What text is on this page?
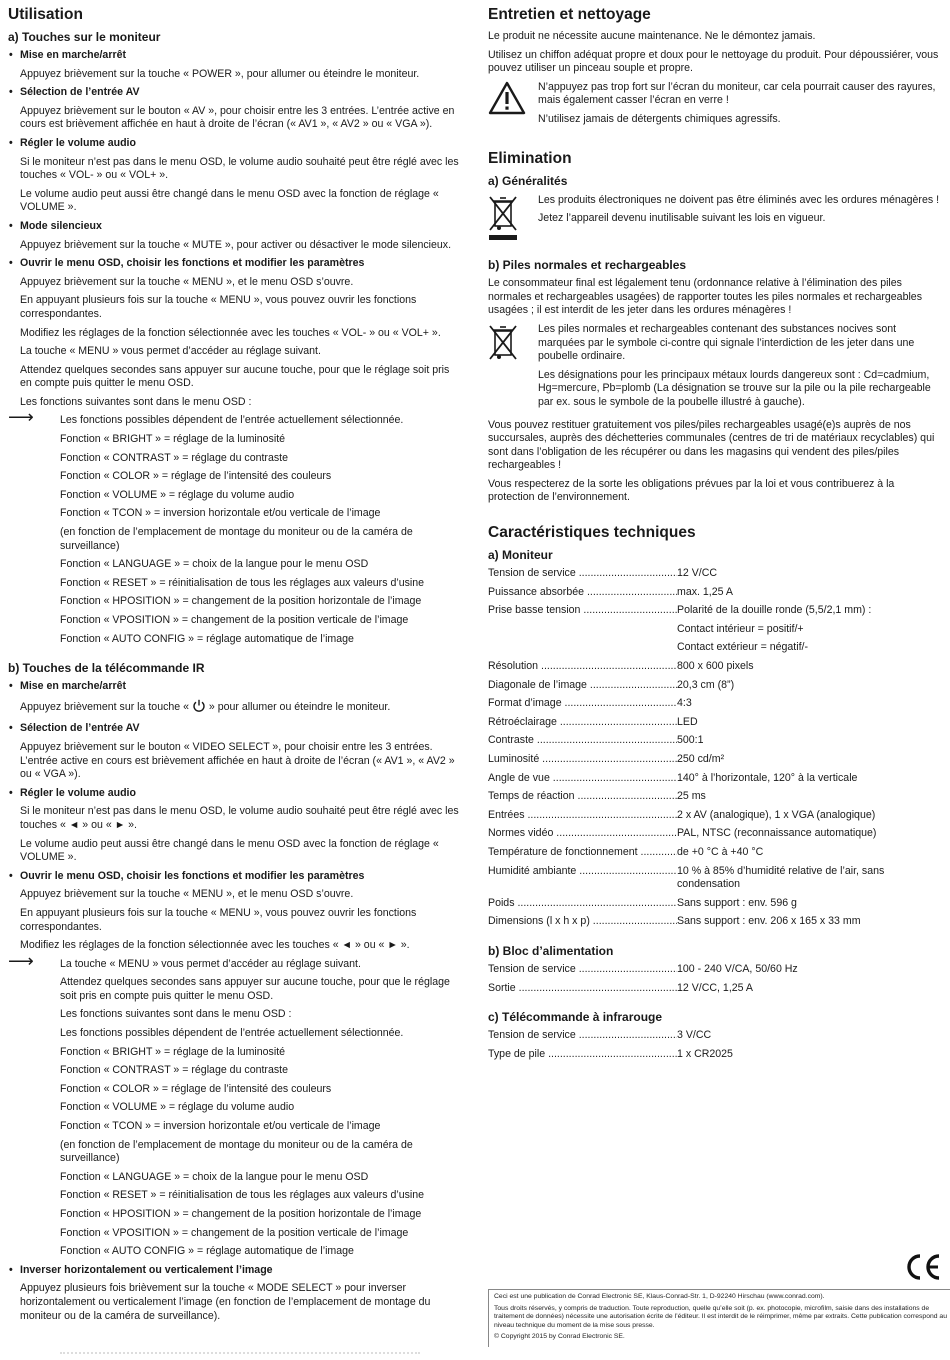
Utilisation
a) Touches sur le moniteur
• Mise en marche/arrêt

Appuyez brièvement sur la touche « POWER », pour allumer ou éteindre le moniteur.

• Sélection de l’entrée AV

Appuyez brièvement sur le bouton « AV », pour choisir entre les 3 entrées. L’entrée active en cours est brièvement affichée en haut à droite de l’écran (« AV1 », « AV2 » ou « VGA »).

• Régler le volume audio

Si le moniteur n’est pas dans le menu OSD, le volume audio souhaité peut être réglé avec les touches « VOL- » ou « VOL+ ».

Le volume audio peut aussi être changé dans le menu OSD avec la fonction de réglage « VOLUME ».

• Mode silencieux

Appuyez brièvement sur la touche « MUTE », pour activer ou désactiver le mode silencieux.

• Ouvrir le menu OSD, choisir les fonctions et modifier les paramètres

Appuyez brièvement sur la touche « MENU », et le menu OSD s’ouvre.

En appuyant plusieurs fois sur la touche « MENU », vous pouvez ouvrir les fonctions correspondantes.

Modifiez les réglages de la fonction sélectionnée avec les touches « VOL- » ou « VOL+ ».

La touche « MENU » vous permet d’accéder au réglage suivant.

Attendez quelques secondes sans appuyer sur aucune touche, pour que le réglage soit pris en compte puis quitter le menu OSD.

Les fonctions suivantes sont dans le menu OSD :

⟶ Les fonctions possibles dépendent de l’entrée actuellement sélectionnée.

Fonction « BRIGHT » = réglage de la luminosité

Fonction « CONTRAST » = réglage du contraste

Fonction « COLOR » = réglage de l’intensité des couleurs

Fonction « VOLUME » = réglage du volume audio

Fonction « TCON » = inversion horizontale et/ou verticale de l’image

(en fonction de l’emplacement de montage du moniteur ou de la caméra de surveillance)

Fonction « LANGUAGE » = choix de la langue pour le menu OSD

Fonction « RESET » = réinitialisation de tous les réglages aux valeurs d’usine

Fonction « HPOSITION » = changement de la position horizontale de l’image

Fonction « VPOSITION » = changement de la position verticale de l’image

Fonction « AUTO CONFIG » = réglage automatique de l’image

b) Touches de la télécommande IR
• Mise en marche/arrêt

Appuyez brièvement sur la touche «  » pour allumer ou éteindre le moniteur.

• Sélection de l’entrée AV

Appuyez brièvement sur le bouton « VIDEO SELECT », pour choisir entre les 3 entrées. L’entrée active en cours est brièvement affichée en haut à droite de l’écran (« AV1 », « AV2 » ou « VGA »).

• Régler le volume audio

Si le moniteur n’est pas dans le menu OSD, le volume audio souhaité peut être réglé avec les touches « ◄ » ou « ► ».

Le volume audio peut aussi être changé dans le menu OSD avec la fonction de réglage « VOLUME ».

• Ouvrir le menu OSD, choisir les fonctions et modifier les paramètres

Appuyez brièvement sur la touche « MENU », et le menu OSD s’ouvre.

En appuyant plusieurs fois sur la touche « MENU », vous pouvez ouvrir les fonctions correspondantes.

Modifiez les réglages de la fonction sélectionnée avec les touches « ◄ » ou « ► ».

⟶ La touche « MENU » vous permet d’accéder au réglage suivant.

Attendez quelques secondes sans appuyer sur aucune touche, pour que le réglage soit pris en compte puis quitter le menu OSD.

Les fonctions suivantes sont dans le menu OSD :

Les fonctions possibles dépendent de l’entrée actuellement sélectionnée.

Fonction « BRIGHT » = réglage de la luminosité

Fonction « CONTRAST » = réglage du contraste

Fonction « COLOR » = réglage de l’intensité des couleurs

Fonction « VOLUME » = réglage du volume audio

Fonction « TCON » = inversion horizontale et/ou verticale de l’image

(en fonction de l’emplacement de montage du moniteur ou de la caméra de surveillance)

Fonction « LANGUAGE » = choix de la langue pour le menu OSD

Fonction « RESET » = réinitialisation de tous les réglages aux valeurs d’usine

Fonction « HPOSITION » = changement de la position horizontale de l’image

Fonction « VPOSITION » = changement de la position verticale de l’image

Fonction « AUTO CONFIG » = réglage automatique de l’image

• Inverser horizontalement ou verticalement l’image

Appuyez plusieurs fois brièvement sur la touche « MODE SELECT » pour inverser horizontalement ou verticalement l’image (en fonction de l’emplacement de montage du moniteur ou de la caméra de surveillance).

Entretien et nettoyage

Le produit ne nécessite aucune maintenance. Ne le démontez jamais.

Utilisez un chiffon adéquat propre et doux pour le nettoyage du produit. Pour dépoussiérer, vous pouvez utiliser un pinceau souple et propre.

N’appuyez pas trop fort sur l’écran du moniteur, car cela pourrait causer des rayures, mais également casser l’écran en verre !

N’utilisez jamais de détergents chimiques agressifs.

Elimination
a) Généralités

Les produits électroniques ne doivent pas être éliminés avec les ordures ménagères !

Jetez l’appareil devenu inutilisable suivant les lois en vigueur.

b) Piles normales et rechargeables

Le consommateur final est légalement tenu (ordonnance relative à l’élimination des piles normales et rechargeables usagées) de rapporter toutes les piles normales et rechargeables usagées ; il est interdit de les jeter dans les ordures ménagères !

Les piles normales et rechargeables contenant des substances nocives sont marquées par le symbole ci-contre qui signale l’interdiction de les jeter dans une poubelle ordinaire.

Les désignations pour les principaux métaux lourds dangereux sont : Cd=cadmium, Hg=mercure, Pb=plomb (La désignation se trouve sur la pile ou la pile rechargeable par ex. sous le symbole de la poubelle illustré à gauche).

Vous pouvez restituer gratuitement vos piles/piles rechargeables usagé(e)s auprès de nos succursales, auprès des déchetteries communales (centres de tri de matériaux recyclables) qui sont dans l’obligation de les récupérer ou dans les magasins qui vendent des piles/piles rechargeables !

Vous respecterez de la sorte les obligations prévues par la loi et vous contribuerez à la protection de l’environnement.

Caractéristiques techniques
a) Moniteur
Tension de service .....	12 V/CC
Puissance absorbée .....	max. 1,25 A
Prise basse tension .....	Polarité de la douille ronde (5,5/2,1 mm) :
Contact intérieur = positif/+
Contact extérieur = négatif/-
Résolution .....	800 x 600 pixels
Diagonale de l’image .....	20,3 cm (8”)
Format d’image .....	4:3
Rétroéclairage .....	LED
Contraste .....	500:1
Luminosité .....	250 cd/m²
Angle de vue .....	140° à l’horizontale, 120° à la verticale
Temps de réaction .....	25 ms
Entrées .....	2 x AV (analogique), 1 x VGA (analogique)
Normes vidéo .....	PAL, NTSC (reconnaissance automatique)
Température de fonctionnement .....	de +0 °C à +40 °C
Humidité ambiante .....	10 % à 85% d’humidité relative de l’air, sans condensation
Poids .....	Sans support : env. 596 g
Dimensions (l x h x p) .....	Sans support : env. 206 x 165 x 33 mm
b) Bloc d’alimentation
Tension de service .....	100 - 240 V/CA, 50/60 Hz
Sortie .....	12 V/CC, 1,25 A
c) Télécommande à infrarouge
Tension de service .....	3 V/CC
Type de pile .....	1 x CR2025

Ceci est une publication de Conrad Electronic SE, Klaus-Conrad-Str. 1, D-92240 Hirschau (www.conrad.com).

Tous droits réservés, y compris de traduction. Toute reproduction, quelle qu’elle soit (p. ex. photocopie, microfilm, saisie dans des installations de traitement de données) nécessite une autorisation écrite de l’éditeur. Il est interdit de le réimprimer, même par extraits. Cette publication correspond au niveau technique du moment de la mise sous presse.

© Copyright 2015 by Conrad Electronic SE.
